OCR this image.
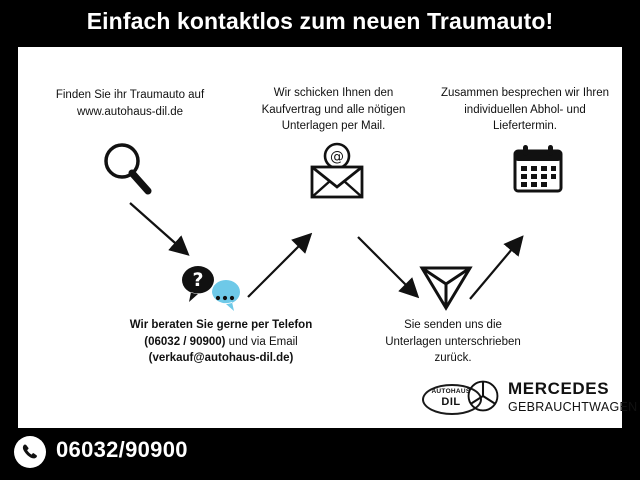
Einfach kontaktlos zum neuen Traumauto!
Finden Sie ihr Traumauto auf
www.autohaus-dil.de
Wir schicken Ihnen den
Kaufvertrag und alle nötigen
Unterlagen per Mail.
Zusammen besprechen wir Ihren
individuellen Abhol- und
Liefertermin.
Wir beraten Sie gerne per Telefon
(06032 / 90900) und via Email
(verkauf@autohaus-dil.de)
Sie senden uns die
Unterlagen unterschrieben
zurück.
@
?
AUTOHAUS
DIL
MERCEDES
GEBRAUCHTWAGEN
06032/90900
